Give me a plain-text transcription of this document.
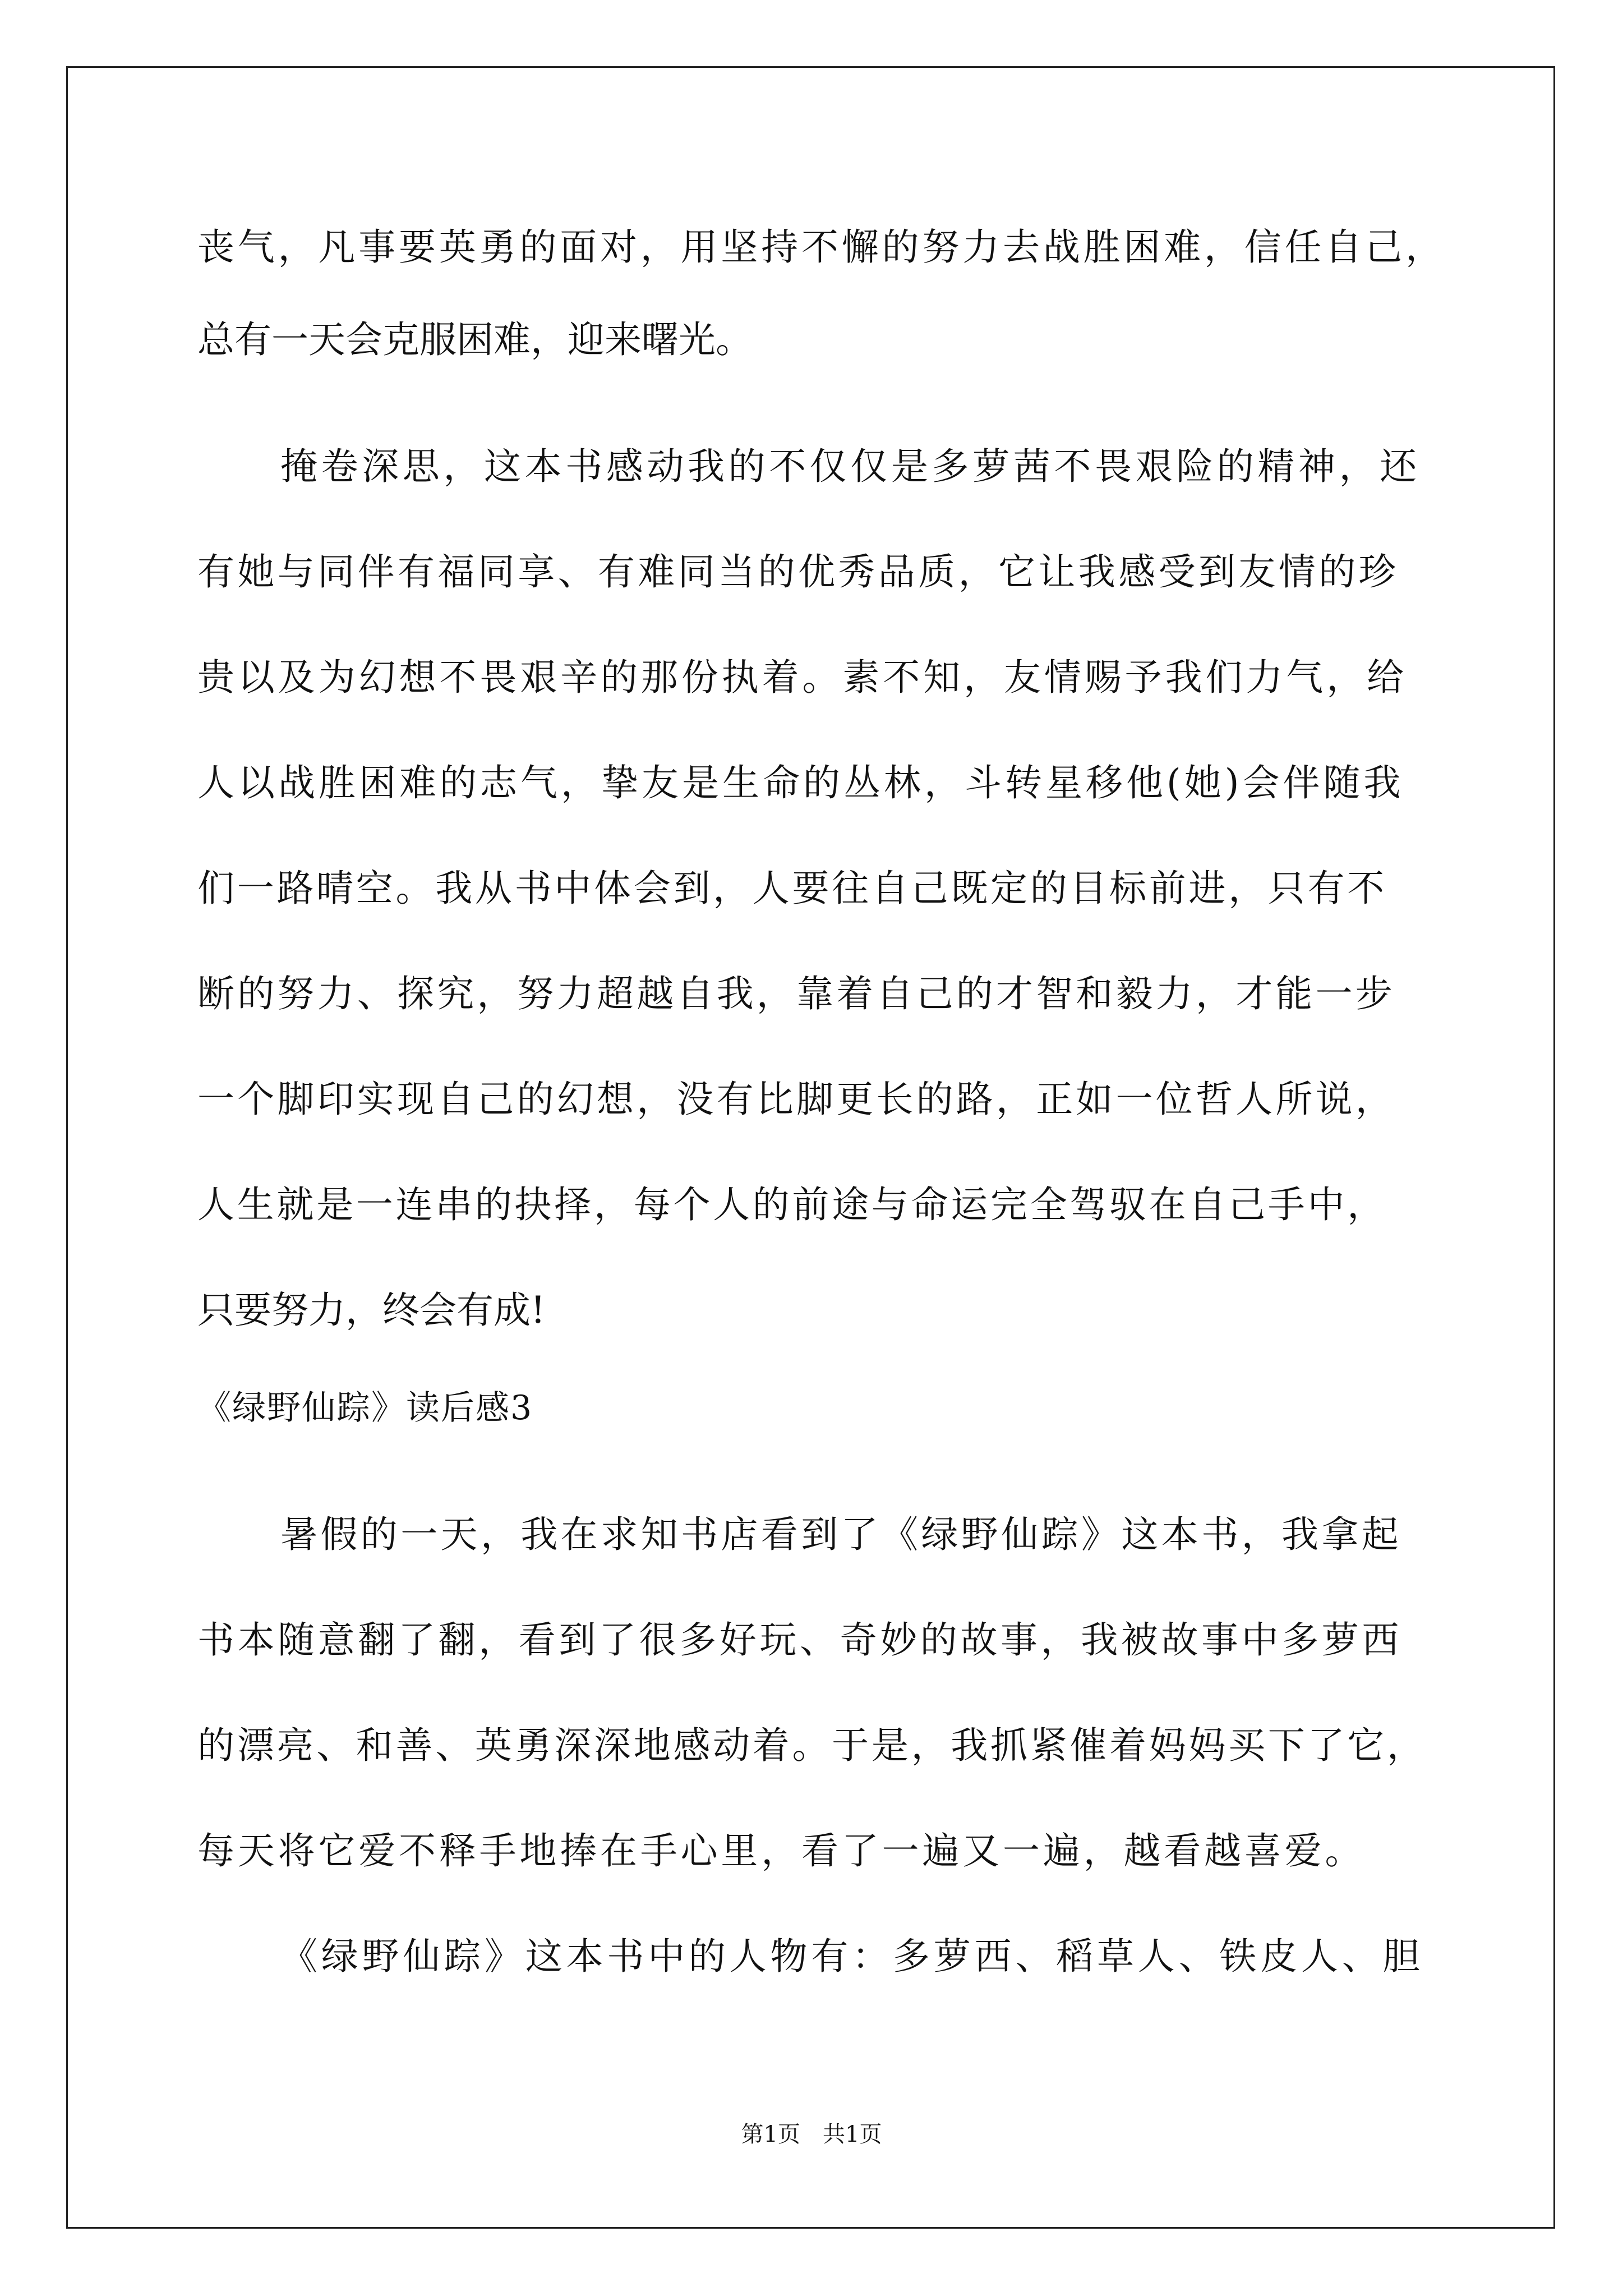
丧气，凡事要英勇的面对，用坚持不懈的努力去战胜困难，信任自己，
总有一天会克服困难，迎来曙光。
掩卷深思，这本书感动我的不仅仅是多萝茜不畏艰险的精神，还
有她与同伴有福同享、有难同当的优秀品质，它让我感受到友情的珍
贵以及为幻想不畏艰辛的那份执着。素不知，友情赐予我们力气，给
人以战胜困难的志气，挚友是生命的丛林，斗转星移他(她)会伴随我
们一路晴空。我从书中体会到，人要往自己既定的目标前进，只有不
断的努力、探究，努力超越自我，靠着自己的才智和毅力，才能一步
一个脚印实现自己的幻想，没有比脚更长的路，正如一位哲人所说，
人生就是一连串的抉择，每个人的前途与命运完全驾驭在自己手中，
只要努力，终会有成!
《绿野仙踪》读后感3
暑假的一天，我在求知书店看到了《绿野仙踪》这本书，我拿起
书本随意翻了翻，看到了很多好玩、奇妙的故事，我被故事中多萝西
的漂亮、和善、英勇深深地感动着。于是，我抓紧催着妈妈买下了它，
每天将它爱不释手地捧在手心里，看了一遍又一遍，越看越喜爱。
《绿野仙踪》这本书中的人物有：多萝西、稻草人、铁皮人、胆
第1页 共1页
